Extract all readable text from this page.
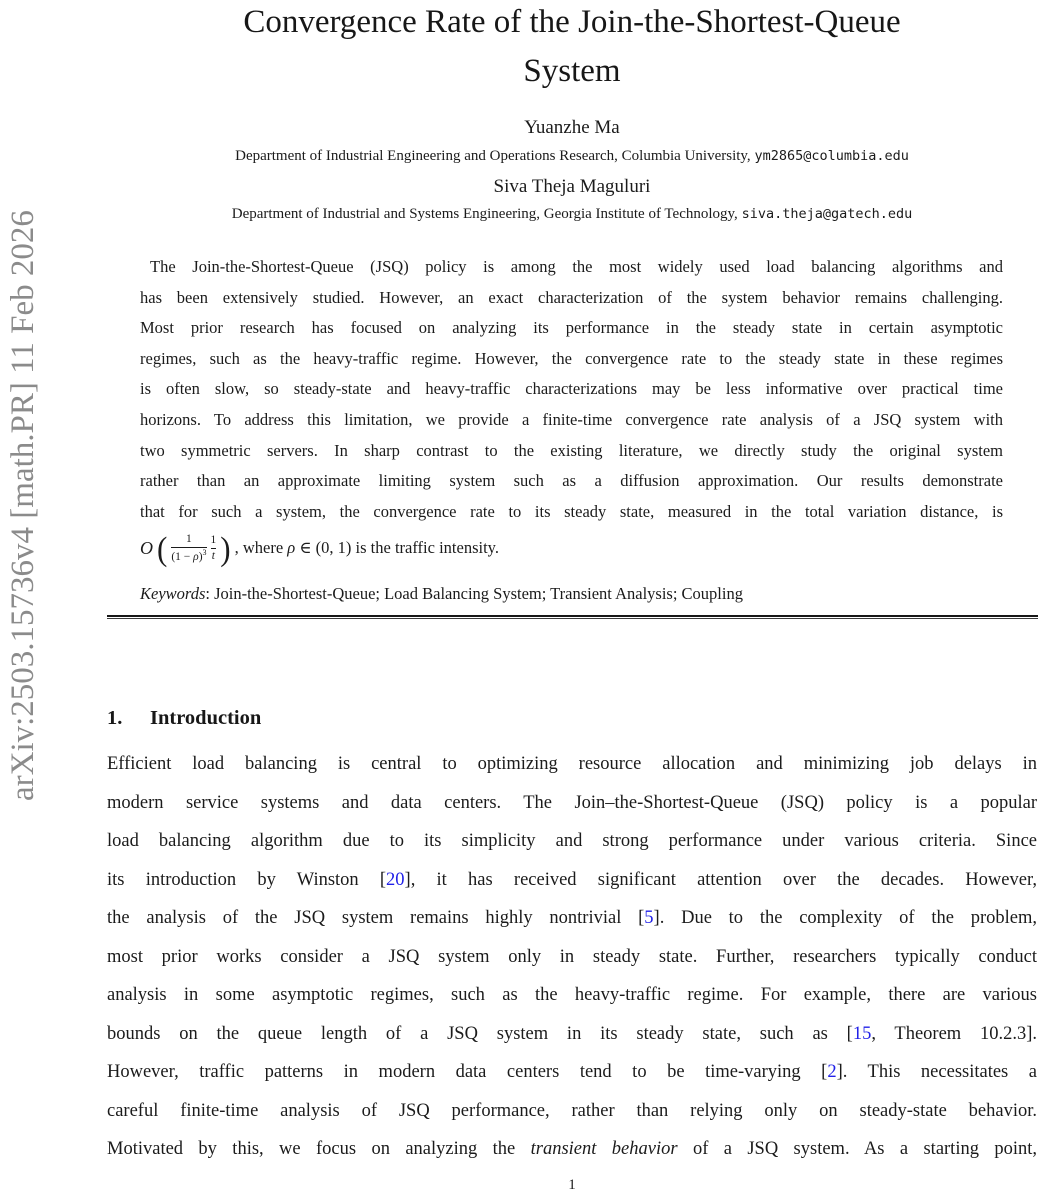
arXiv:2503.15736v4 [math.PR] 11 Feb 2026
Convergence Rate of the Join-the-Shortest-Queue
System
Yuanzhe Ma
Department of Industrial Engineering and Operations Research, Columbia University, ym2865@columbia.edu
Siva Theja Maguluri
Department of Industrial and Systems Engineering, Georgia Institute of Technology, siva.theja@gatech.edu
The Join-the-Shortest-Queue (JSQ) policy is among the most widely used load balancing algorithms and
has been extensively studied. However, an exact characterization of the system behavior remains challenging.
Most prior research has focused on analyzing its performance in the steady state in certain asymptotic
regimes, such as the heavy-traffic regime. However, the convergence rate to the steady state in these regimes
is often slow, so steady-state and heavy-traffic characterizations may be less informative over practical time
horizons. To address this limitation, we provide a finite-time convergence rate analysis of a JSQ system with
two symmetric servers. In sharp contrast to the existing literature, we directly study the original system
rather than an approximate limiting system such as a diffusion approximation. Our results demonstrate
that for such a system, the convergence rate to its steady state, measured in the total variation distance, is
O ( $\frac{1}{(1 - \rho)^3} \frac{1}{t}$ ) , where ρ ∈ (0, 1) is the traffic intensity.
Keywords: Join-the-Shortest-Queue; Load Balancing System; Transient Analysis; Coupling
1. Introduction
Efficient load balancing is central to optimizing resource allocation and minimizing job delays in
modern service systems and data centers. The Join–the-Shortest-Queue (JSQ) policy is a popular
load balancing algorithm due to its simplicity and strong performance under various criteria. Since
its introduction by Winston [20], it has received significant attention over the decades. However,
the analysis of the JSQ system remains highly nontrivial [5]. Due to the complexity of the problem,
most prior works consider a JSQ system only in steady state. Further, researchers typically conduct
analysis in some asymptotic regimes, such as the heavy-traffic regime. For example, there are various
bounds on the queue length of a JSQ system in its steady state, such as [15, Theorem 10.2.3].
However, traffic patterns in modern data centers tend to be time-varying [2]. This necessitates a
careful finite-time analysis of JSQ performance, rather than relying only on steady-state behavior.
Motivated by this, we focus on analyzing the transient behavior of a JSQ system. As a starting point,
1
